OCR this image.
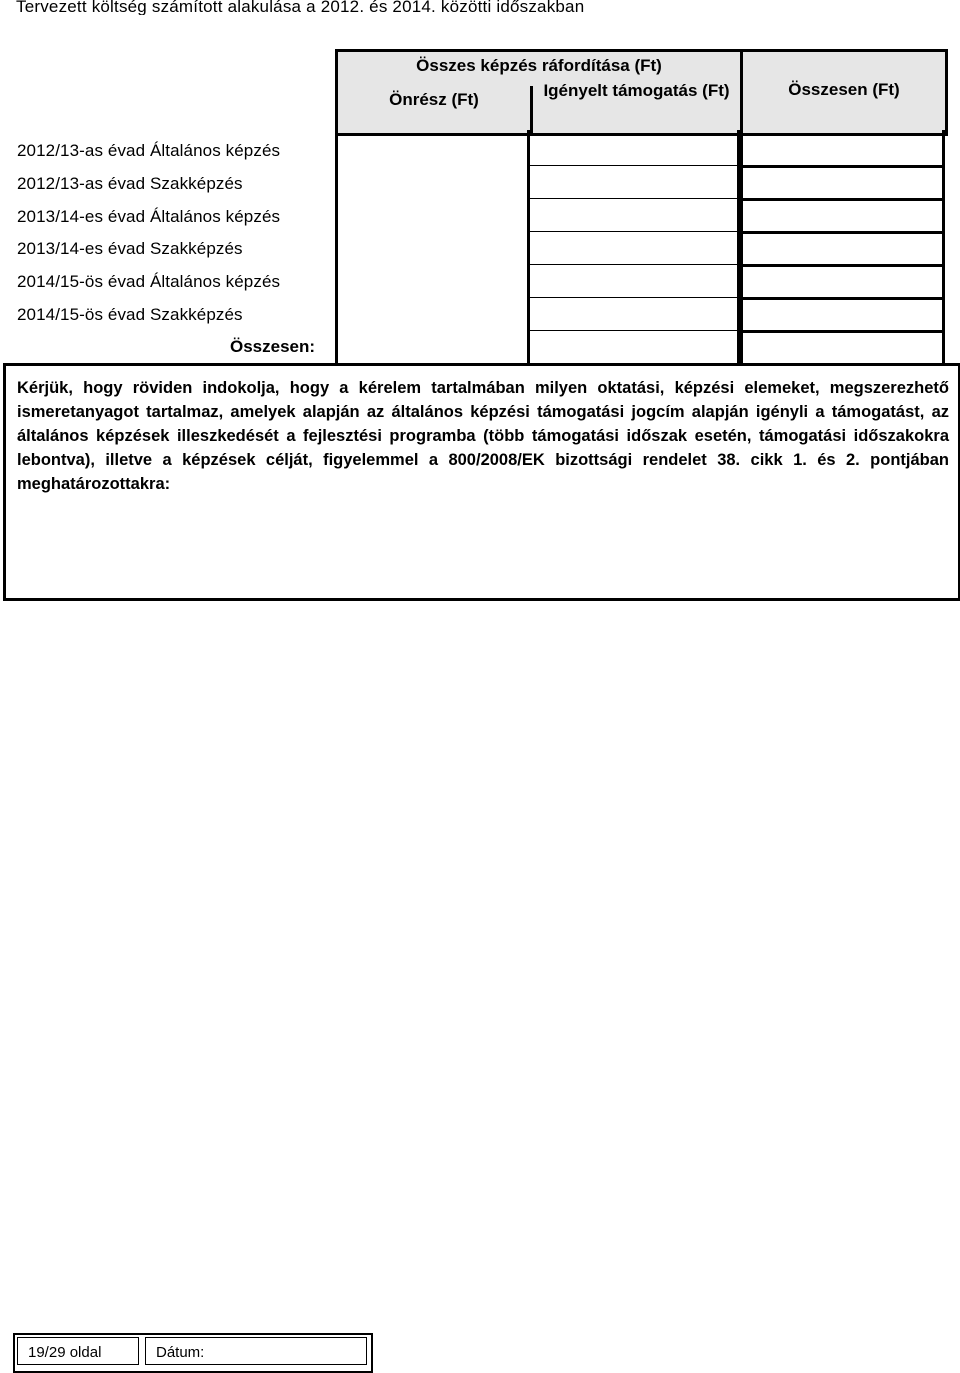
Tervezett költség számított alakulása a 2012. és 2014. közötti időszakban
Összes képzés ráfordítása (Ft)
Önrész (Ft)	Igényelt támogatás (Ft)	Összesen (Ft)
2012/13-as évad Általános képzés
2012/13-as évad Szakképzés
2013/14-es évad Általános képzés
2013/14-es évad Szakképzés
2014/15-ös évad Általános képzés
2014/15-ös évad Szakképzés
Összesen:
Kérjük, hogy röviden indokolja, hogy a kérelem tartalmában milyen oktatási, képzési elemeket, megszerezhető ismeretanyagot tartalmaz, amelyek alapján az általános képzési támogatási jogcím alapján igényli a támogatást, az általános képzések illeszkedését a fejlesztési programba (több támogatási időszak esetén, támogatási időszakokra lebontva), illetve a képzések célját, figyelemmel a 800/2008/EK bizottsági rendelet 38. cikk 1. és 2. pontjában meghatározottakra:
19/29 oldal	Dátum:
